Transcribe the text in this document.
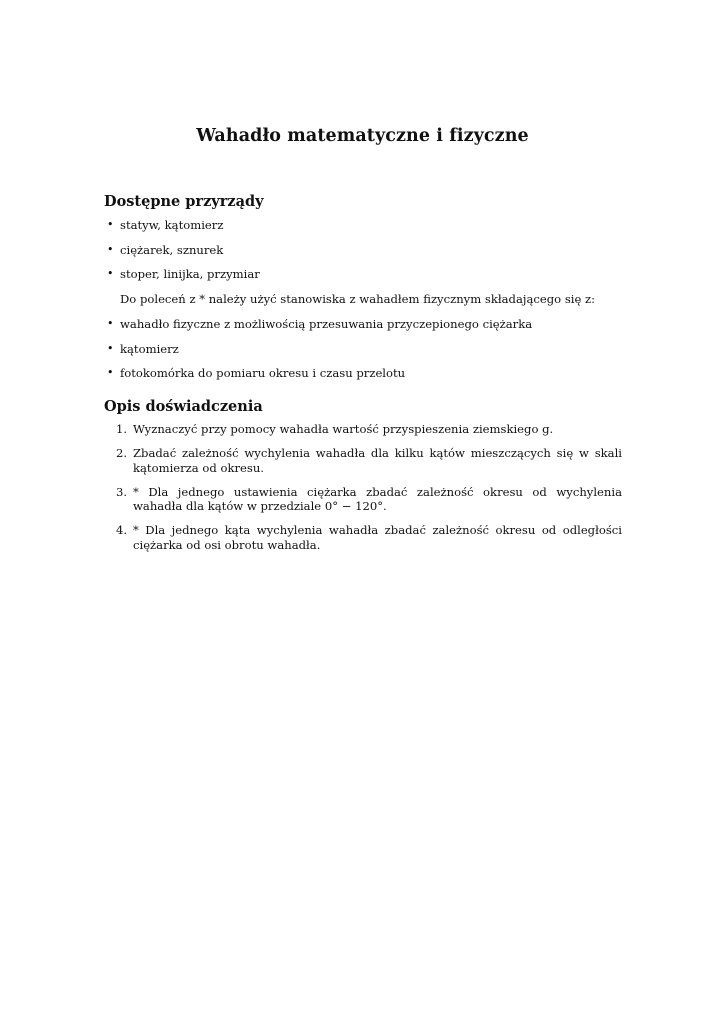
Wahadło matematyczne i fizyczne
Dostępne przyrządy
• statyw, kątomierz
• ciężarek, sznurek
• stoper, linijka, przymiar

Do poleceń z * należy użyć stanowiska z wahadłem fizycznym składającego się z:

• wahadło fizyczne z możliwością przesuwania przyczepionego ciężarka
• kątomierz
• fotokomórka do pomiaru okresu i czasu przelotu
Opis doświadczenia
1. Wyznaczyć przy pomocy wahadła wartość przyspieszenia ziemskiego g.
2. Zbadać zależność wychylenia wahadła dla kilku kątów mieszczących się w skali kątomierza od okresu.
3. * Dla jednego ustawienia ciężarka zbadać zależność okresu od wychylenia wahadła dla kątów w przedziale 0° − 120°.
4. * Dla jednego kąta wychylenia wahadła zbadać zależność okresu od odległości ciężarka od osi obrotu wahadła.
